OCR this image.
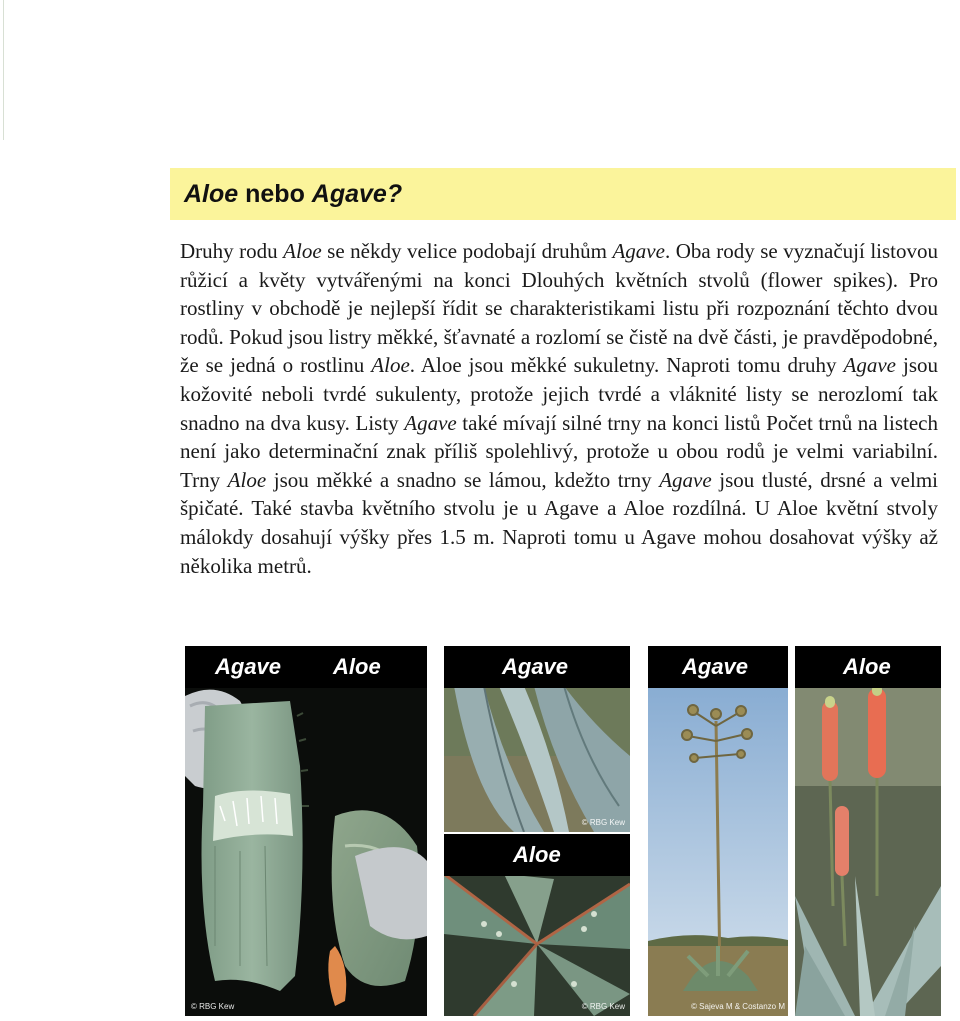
Aloe nebo Agave?

Druhy rodu Aloe se někdy velice podobají druhům Agave. Oba rody se vyznačují listovou růžicí a květy vytvářenými na konci Dlouhých květních stvolů (flower spikes). Pro rostliny v obchodě je nejlepší řídit se charakteristikami listu při rozpoznání těchto dvou rodů. Pokud jsou listry měkké, šťavnaté a rozlomí se čistě na dvě části, je pravděpodobné, že se jedná o rostlinu Aloe. Aloe jsou měkké sukuletny. Naproti tomu druhy Agave jsou kožovité neboli tvrdé sukulenty, protože jejich tvrdé a vláknité listy se nerozlomí tak snadno na dva kusy. Listy Agave také mívají silné trny na konci listů Počet trnů na listech není jako determinační znak příliš spolehlivý, protože u obou rodů je velmi variabilní. Trny Aloe jsou měkké a snadno se lámou, kdežto trny Agave jsou tlusté, drsné a velmi špičaté. Také stavba květního stvolu je u Agave a Aloe rozdílná. U Aloe květní stvoly málokdy dosahují výšky přes 1.5 m. Naproti tomu u Agave mohou dosahovat výšky až několika metrů.

© RBG Kew
Agave Aloe
© RBG Kew
Agave
© RBG Kew
Aloe
© Sajeva M & Costanzo M
Agave	Aloe
